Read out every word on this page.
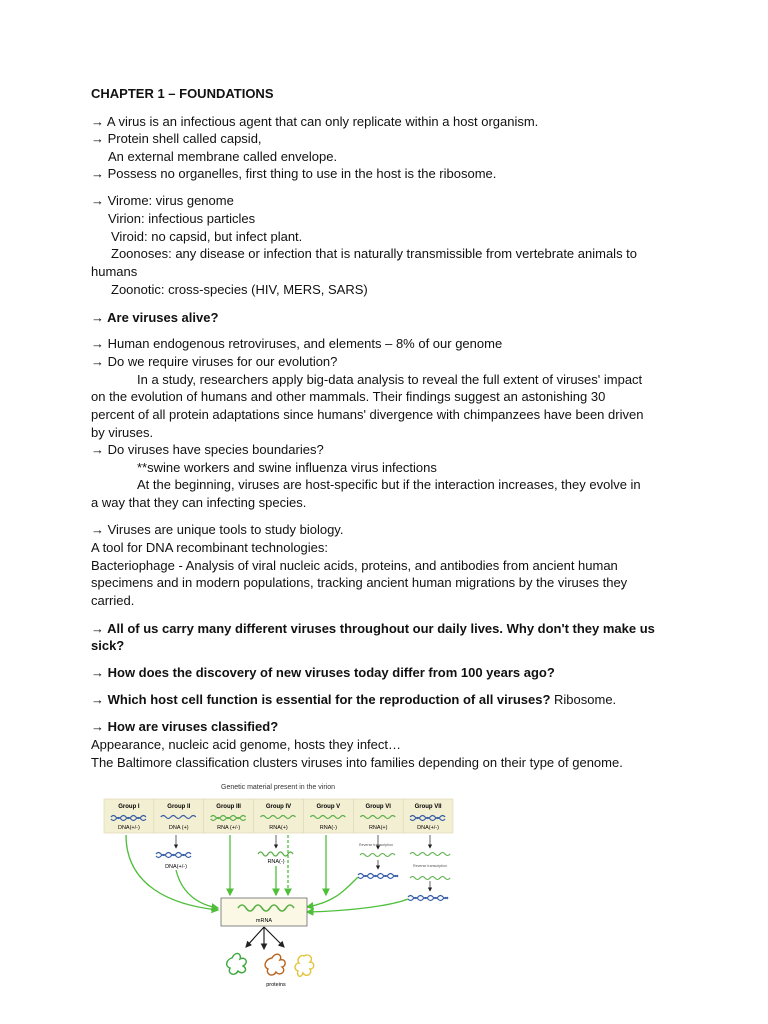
CHAPTER 1 – FOUNDATIONS
→ A virus is an infectious agent that can only replicate within a host organism.
→ Protein shell called capsid,
An external membrane called envelope.
→ Possess no organelles, first thing to use in the host is the ribosome.
→ Virome: virus genome
Virion: infectious particles
Viroid: no capsid, but infect plant.
Zoonoses: any disease or infection that is naturally transmissible from vertebrate animals to
humans
Zoonotic: cross-species (HIV, MERS, SARS)
→ Are viruses alive?
→ Human endogenous retroviruses, and elements – 8% of our genome
→ Do we require viruses for our evolution?
In a study, researchers apply big-data analysis to reveal the full extent of viruses' impact
on the evolution of humans and other mammals. Their findings suggest an astonishing 30
percent of all protein adaptations since humans' divergence with chimpanzees have been driven
by viruses.
→ Do viruses have species boundaries?
**swine workers and swine influenza virus infections
At the beginning, viruses are host-specific but if the interaction increases, they evolve in
a way that they can infecting species.
→ Viruses are unique tools to study biology.
A tool for DNA recombinant technologies:
Bacteriophage - Analysis of viral nucleic acids, proteins, and antibodies from ancient human
specimens and in modern populations, tracking ancient human migrations by the viruses they
carried.
→ All of us carry many different viruses throughout our daily lives. Why don't they make us
sick?
→ How does the discovery of new viruses today differ from 100 years ago?
→ Which host cell function is essential for the reproduction of all viruses? Ribosome.
→ How are viruses classified?
Appearance, nucleic acid genome, hosts they infect…
The Baltimore classification clusters viruses into families depending on their type of genome.
Genetic material present in the virion
Group I
DNA(+/-)
Group II
DNA (+)
Group III
RNA (+/-)
Group IV
RNA(+)
Group V
RNA(-)
Group VI
RNA(+)
Group VII
DNA(+/-)
DNA(+/-)
RNA(-)
Reverse transcription
Reverse transcription
mRNA
proteins
